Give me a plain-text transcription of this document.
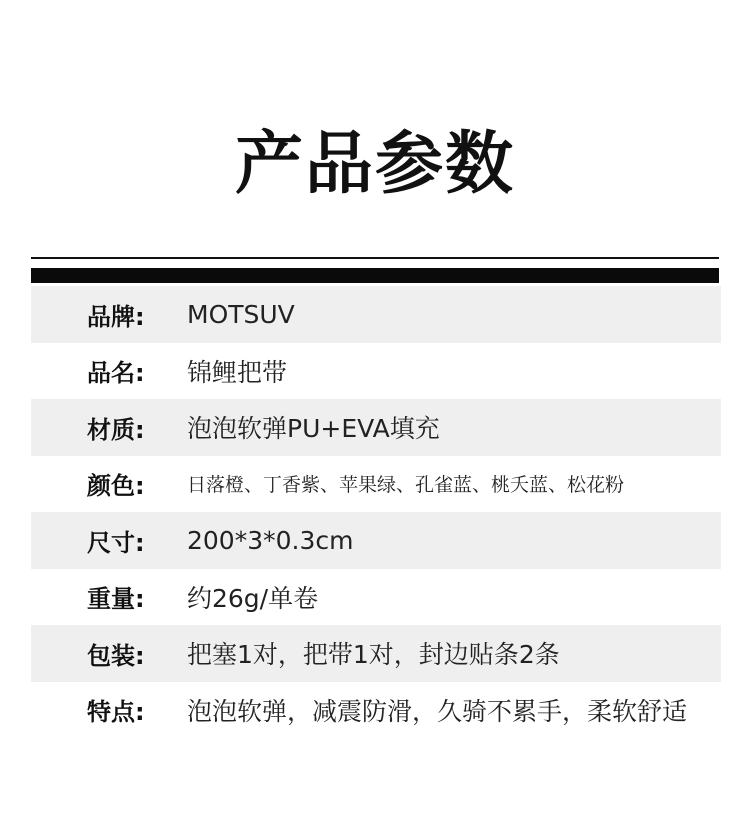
产品参数
品牌:	MOTSUV
品名:	锦鲤把带
材质:	泡泡软弹PU+EVA填充
颜色:	日落橙、丁香紫、苹果绿、孔雀蓝、桃夭蓝、松花粉
尺寸:	200*3*0.3cm
重量:	约26g/单卷
包装:	把塞1对，把带1对，封边贴条2条
特点:	泡泡软弹，减震防滑，久骑不累手，柔软舒适
